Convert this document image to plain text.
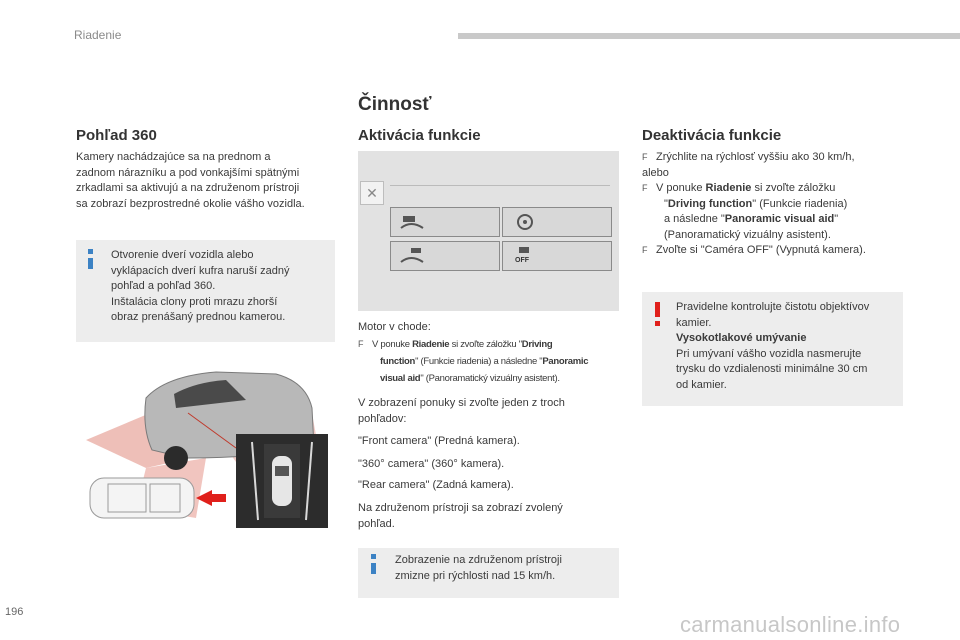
Riadenie
Činnosť
Pohľad 360
Kamery nachádzajúce sa na prednom a
zadnom nárazníku a pod vonkajšími spätnými
zrkadlami sa aktivujú a na združenom prístroji
sa zobrazí bezprostredné okolie vášho vozidla.
Otvorenie dverí vozidla alebo
vyklápacích dverí kufra naruší zadný
pohľad a pohľad 360.
Inštalácia clony proti mrazu zhorší
obraz prenášaný prednou kamerou.
Aktivácia funkcie
✕
OFF
Motor v chode:
F V ponuke Riadenie si zvoľte záložku "Driving
function" (Funkcie riadenia) a následne "Panoramic
visual aid" (Panoramatický vizuálny asistent).
V zobrazení ponuky si zvoľte jeden z troch
pohľadov:
"Front camera" (Predná kamera).
"360° camera" (360° kamera).
"Rear camera" (Zadná kamera).
Na združenom prístroji sa zobrazí zvolený
pohľad.
Zobrazenie na združenom prístroji
zmizne pri rýchlosti nad 15 km/h.
Deaktivácia funkcie
F Zrýchlite na rýchlosť vyššiu ako 30 km/h,
alebo
F V ponuke Riadenie si zvoľte záložku
"Driving function" (Funkcie riadenia)
a následne "Panoramic visual aid"
(Panoramatický vizuálny asistent).
F Zvoľte si "Caméra OFF" (Vypnutá kamera).
Pravidelne kontrolujte čistotu objektívov
kamier.
Vysokotlakové umývanie
Pri umývaní vášho vozidla nasmerujte
trysku do vzdialenosti minimálne 30 cm
od kamier.
196	carmanualsonline.info
